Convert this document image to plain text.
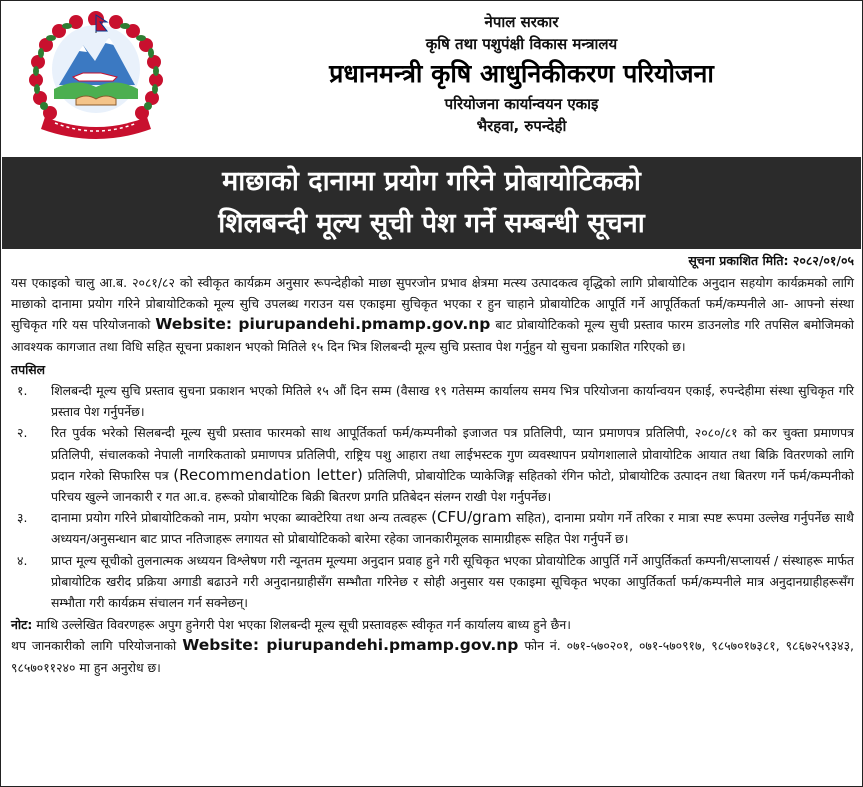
नेपाल सरकार
कृषि तथा पशुपंक्षी विकास मन्त्रालय
प्रधानमन्त्री कृषि आधुनिकीकरण परियोजना
परियोजना कार्यान्वयन एकाइ
भैरहवा, रुपन्देही
माछाको दानामा प्रयोग गरिने प्रोबायोटिकको
शिलबन्दी मूल्य सूची पेश गर्ने सम्बन्धी सूचना
सूचना प्रकाशित मिति: २०८२/०१/०५

यस एकाइको चालु आ.ब. २०८१/८२ को स्वीकृत कार्यक्रम अनुसार रूपन्देहीको माछा सुपरजोन प्रभाव क्षेत्रमा मत्स्य उत्पादकत्व वृद्धिको लागि प्रोबायोटिक अनुदान सहयोग कार्यक्रमको लागि माछाको दानामा प्रयोग गरिने प्रोबायोटिकको मूल्य सुचि उपलब्ध गराउन यस एकाइमा सुचिकृत भएका र हुन चाहाने प्रोबायोटिक आपूर्ति गर्ने आपूर्तिकर्ता फर्म/कम्पनीले आ- आफ्नो संस्था सुचिकृत गरि यस परियोजनाको Website: piurupandehi.pmamp.gov.np बाट प्रोबायोटिकको मूल्य सुची प्रस्ताव फारम डाउनलोड गरि तपसिल बमोजिमको आवश्यक कागजात तथा विधि सहित सूचना प्रकाशन भएको मितिले १५ दिन भित्र शिलबन्दी मूल्य सुचि प्रस्ताव पेश गर्नुहुन यो सुचना प्रकाशित गरिएको छ।

तपसिल
१.	शिलबन्दी मूल्य सुचि प्रस्ताव सुचना प्रकाशन भएको मितिले १५ औं दिन सम्म (वैसाख १९ गतेसम्म कार्यालय समय भित्र परियोजना कार्यान्वयन एकाई, रुपन्देहीमा संस्था सुचिकृत गरि प्रस्ताव पेश गर्नुपर्नेछ।
२.	रित पुर्वक भरेको सिलबन्दी मूल्य सुची प्रस्ताव फारमको साथ आपूर्तिकर्ता फर्म/कम्पनीको इजाजत पत्र प्रतिलिपी, प्यान प्रमाणपत्र प्रतिलिपी, २०८०/८१ को कर चुक्ता प्रमाणपत्र प्रतिलिपी, संचालकको नेपाली नागरिकताको प्रमाणपत्र प्रतिलिपी, राष्ट्रिय पशु आहारा तथा लाईभस्टक गुण व्यवस्थापन प्रयोगशालाले प्रोवायोटिक आयात तथा बिक्रि वितरणको लागि प्रदान गरेको सिफारिस पत्र (Recommendation letter) प्रतिलिपी, प्रोबायोटिक प्याकेजिङ्ग सहितको रंगिन फोटो, प्रोबायोटिक उत्पादन तथा बितरण गर्ने फर्म/कम्पनीको परिचय खुल्ने जानकारी र गत आ.व. हरूको प्रोबायोटिक बिक्री बितरण प्रगति प्रतिबेदन संलग्न राखी पेश गर्नुपर्नेछ।
३.	दानामा प्रयोग गरिने प्रोबायोटिकको नाम, प्रयोग भएका ब्याक्टेरिया तथा अन्य तत्वहरू (CFU/gram सहित), दानामा प्रयोग गर्ने तरिका र मात्रा स्पष्ट रूपमा उल्लेख गर्नुपर्नेछ साथै अध्ययन/अनुसन्धान बाट प्राप्त नतिजाहरू लगायत सो प्रोबायोटिकको बारेमा रहेका जानकारीमूलक सामाग्रीहरू सहित पेश गर्नुपर्ने छ।
४.	प्राप्त मूल्य सूचीको तुलनात्मक अध्ययन विश्लेषण गरी न्यूनतम मूल्यमा अनुदान प्रवाह हुने गरी सूचिकृत भएका प्रोवायोटिक आपुर्ति गर्ने आपुर्तिकर्ता कम्पनी/सप्लायर्स / संस्थाहरू मार्फत प्रोबायोटिक खरीद प्रक्रिया अगाडी बढाउने गरी अनुदानग्राहीसँग सम्भौता गरिनेछ र सोही अनुसार यस एकाइमा सूचिकृत भएका आपुर्तिकर्ता फर्म/कम्पनीले मात्र अनुदानग्राहीहरूसँग सम्भौता गरी कार्यक्रम संचालन गर्न सक्नेछन्।

नोट: माथि उल्लेखित विवरणहरू अपुग हुनेगरी पेश भएका शिलबन्दी मूल्य सूची प्रस्तावहरू स्वीकृत गर्न कार्यालय बाध्य हुने छैन।

थप जानकारीको लागि परियोजनाको Website: piurupandehi.pmamp.gov.np फोन नं. ०७१-५७०२०१, ०७१-५७०९१७, ९८५७०१७३८१, ९८६७२५९३४३, ९८५७०११२४० मा हुन अनुरोध छ।
